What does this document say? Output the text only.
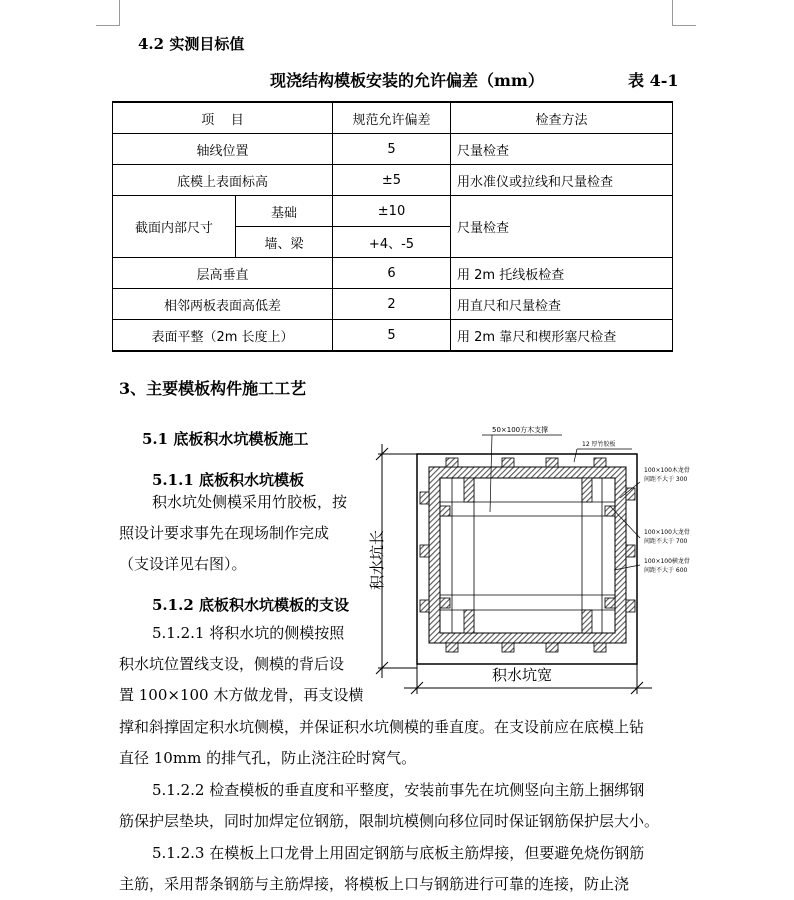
4.2 实测目标值
现浇结构模板安装的允许偏差（mm）	表 4-1
项    目		规范允许偏差	检查方法
轴线位置		5	尺量检查
底模上表面标高		±5	用水准仪或拉线和尺量检查
截面内部尺寸	基础	±10	尺量检查
	墙、梁	+4、-5	
层高垂直		6	用 2m 托线板检查
相邻两板表面高低差		2	用直尺和尺量检查
表面平整（2m 长度上）		5	用 2m 靠尺和楔形塞尺检查
3、主要模板构件施工工艺
5.1 底板积水坑模板施工
5.1.1 底板积水坑模板
积水坑处侧模采用竹胶板，按
照设计要求事先在现场制作完成
（支设详见右图）。
5.1.2 底板积水坑模板的支设
5.1.2.1 将积水坑的侧模按照
积水坑位置线支设，侧模的背后设
置 100×100 木方做龙骨，再支设横
撑和斜撑固定积水坑侧模，并保证积水坑侧模的垂直度。在支设前应在底模上钻
直径 10mm 的排气孔，防止浇注砼时窝气。
5.1.2.2 检查模板的垂直度和平整度，安装前事先在坑侧竖向主筋上捆绑钢
筋保护层垫块，同时加焊定位钢筋，限制坑模侧向移位同时保证钢筋保护层大小。
5.1.2.3 在模板上口龙骨上用固定钢筋与底板主筋焊接，但要避免烧伤钢筋
主筋，采用帮条钢筋与主筋焊接，将模板上口与钢筋进行可靠的连接，防止浇
50×100方木支撑
12 厚竹胶板
100×100木龙骨
间距不大于 300
100×100大龙骨
间距不大于 700
100×100横龙骨
间距不大于 600
积水坑长
积水坑宽
